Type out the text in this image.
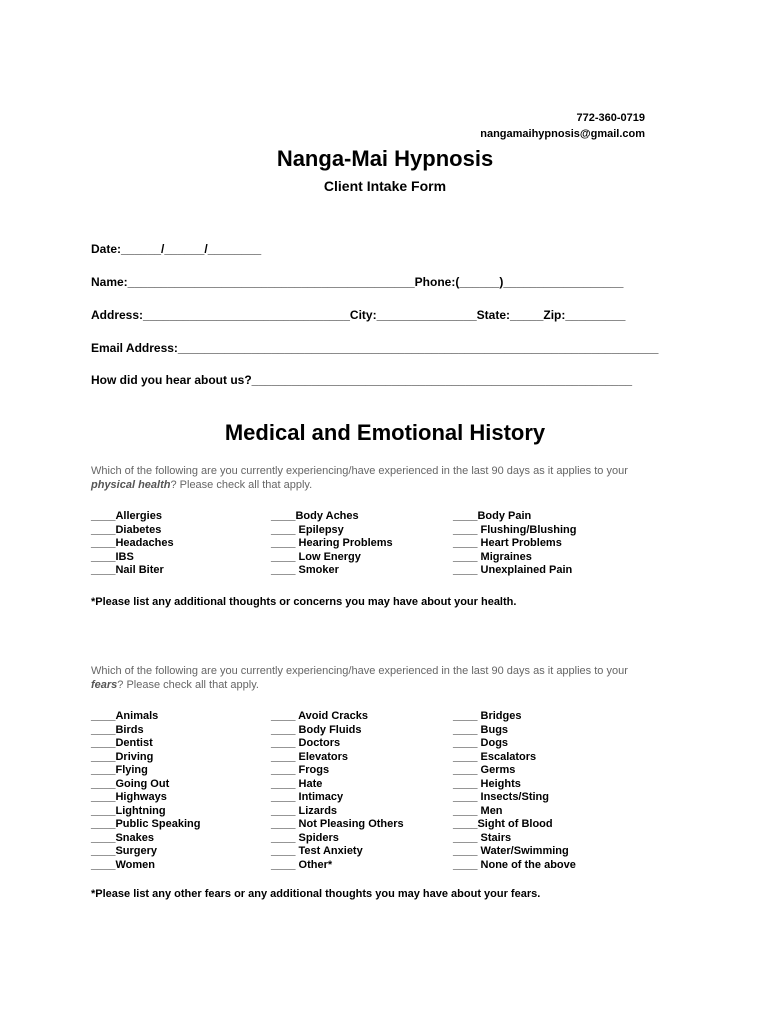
772-360-0719
nangamaihypnosis@gmail.com
Nanga-Mai Hypnosis
Client Intake Form
Date:______/______/________
Name:___________________________________________Phone:(______)__________________
Address:_______________________________City:_______________State:_____Zip:_________
Email Address:________________________________________________________________________
How did you hear about us?_________________________________________________________
Medical and Emotional History
Which of the following are you currently experiencing/have experienced in the last 90 days as it applies to your physical health? Please check all that apply.
____Allergies
____Diabetes
____Headaches
____IBS
____Nail Biter
____Body Aches
____ Epilepsy
____ Hearing Problems
____ Low Energy
____ Smoker
____Body Pain
____ Flushing/Blushing
____ Heart Problems
____ Migraines
____ Unexplained Pain
*Please list any additional thoughts or concerns you may have about your health.
Which of the following are you currently experiencing/have experienced in the last 90 days as it applies to your fears? Please check all that apply.
____Animals
____Birds
____Dentist
____Driving
____Flying
____Going Out
____Highways
____Lightning
____Public Speaking
____Snakes
____Surgery
____Women
____ Avoid Cracks
____ Body Fluids
____ Doctors
____ Elevators
____ Frogs
____ Hate
____ Intimacy
____ Lizards
____ Not Pleasing Others
____ Spiders
____ Test Anxiety
____ Other*
____ Bridges
____ Bugs
____ Dogs
____ Escalators
____ Germs
____ Heights
____ Insects/Sting
____ Men
____Sight of Blood
____ Stairs
____ Water/Swimming
____ None of the above
*Please list any other fears or any additional thoughts you may have about your fears.
